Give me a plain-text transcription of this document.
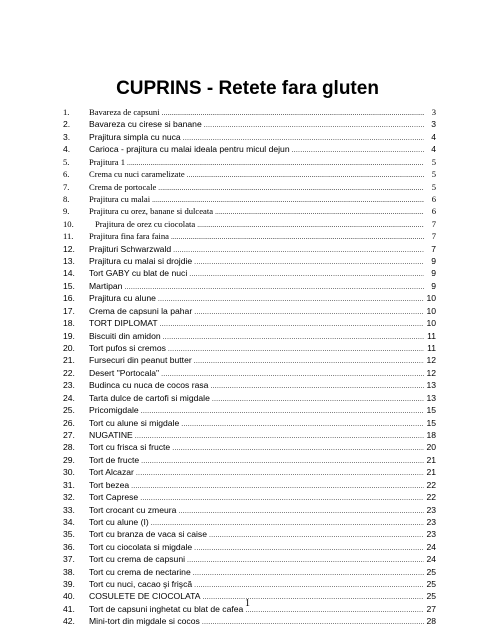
CUPRINS - Retete fara gluten
1.	Bavareza de capsuni .....	3
2.	Bavareza cu cirese si banane .....	3
3.	Prajitura simpla cu nuca .....	4
4.	Carioca - prajitura cu malai ideala pentru micul dejun .....	4
5.	Prajitura 1 .....	5
6.	Crema cu nuci caramelizate .....	5
7.	Crema de portocale .....	5
8.	Prajitura cu malai .....	6
9.	Prajitura cu orez, banane si dulceata .....	6
10.	Prajitura de orez cu ciocolata .....	7
11.	Prajitura fina fara faina .....	7
12.	Prajituri Schwarzwald .....	7
13.	Prajitura cu malai si drojdie .....	9
14.	Tort GABY cu blat de nuci .....	9
15.	Martipan .....	9
16.	Prajitura cu alune .....	10
17.	Crema de capsuni la pahar .....	10
18.	TORT DIPLOMAT .....	10
19.	Biscuiti din amidon .....	11
20.	Tort pufos si cremos .....	11
21.	Fursecuri din peanut butter .....	12
22.	Desert "Portocala" .....	12
23.	Budinca cu nuca de cocos rasa .....	13
24.	Tarta dulce de cartofi si migdale .....	13
25.	Pricomigdale .....	15
26.	Tort cu alune si migdale .....	15
27.	NUGATINE .....	18
28.	Tort cu frisca si fructe .....	20
29.	Tort de fructe .....	21
30.	Tort Alcazar .....	21
31.	Tort bezea .....	22
32.	Tort Caprese .....	22
33.	Tort crocant cu zmeura .....	23
34.	Tort cu alune (I) .....	23
35.	Tort cu branza de vaca si caise .....	23
36.	Tort cu ciocolata si migdale .....	24
37.	Tort cu crema de capsuni .....	24
38.	Tort cu crema de nectarine .....	25
39.	Tort cu nuci, cacao şi frişcă .....	25
40.	COSULETE DE CIOCOLATA .....	25
41.	Tort de capsuni inghetat cu blat de cafea .....	27
42.	Mini-tort din migdale si cocos .....	28
1
